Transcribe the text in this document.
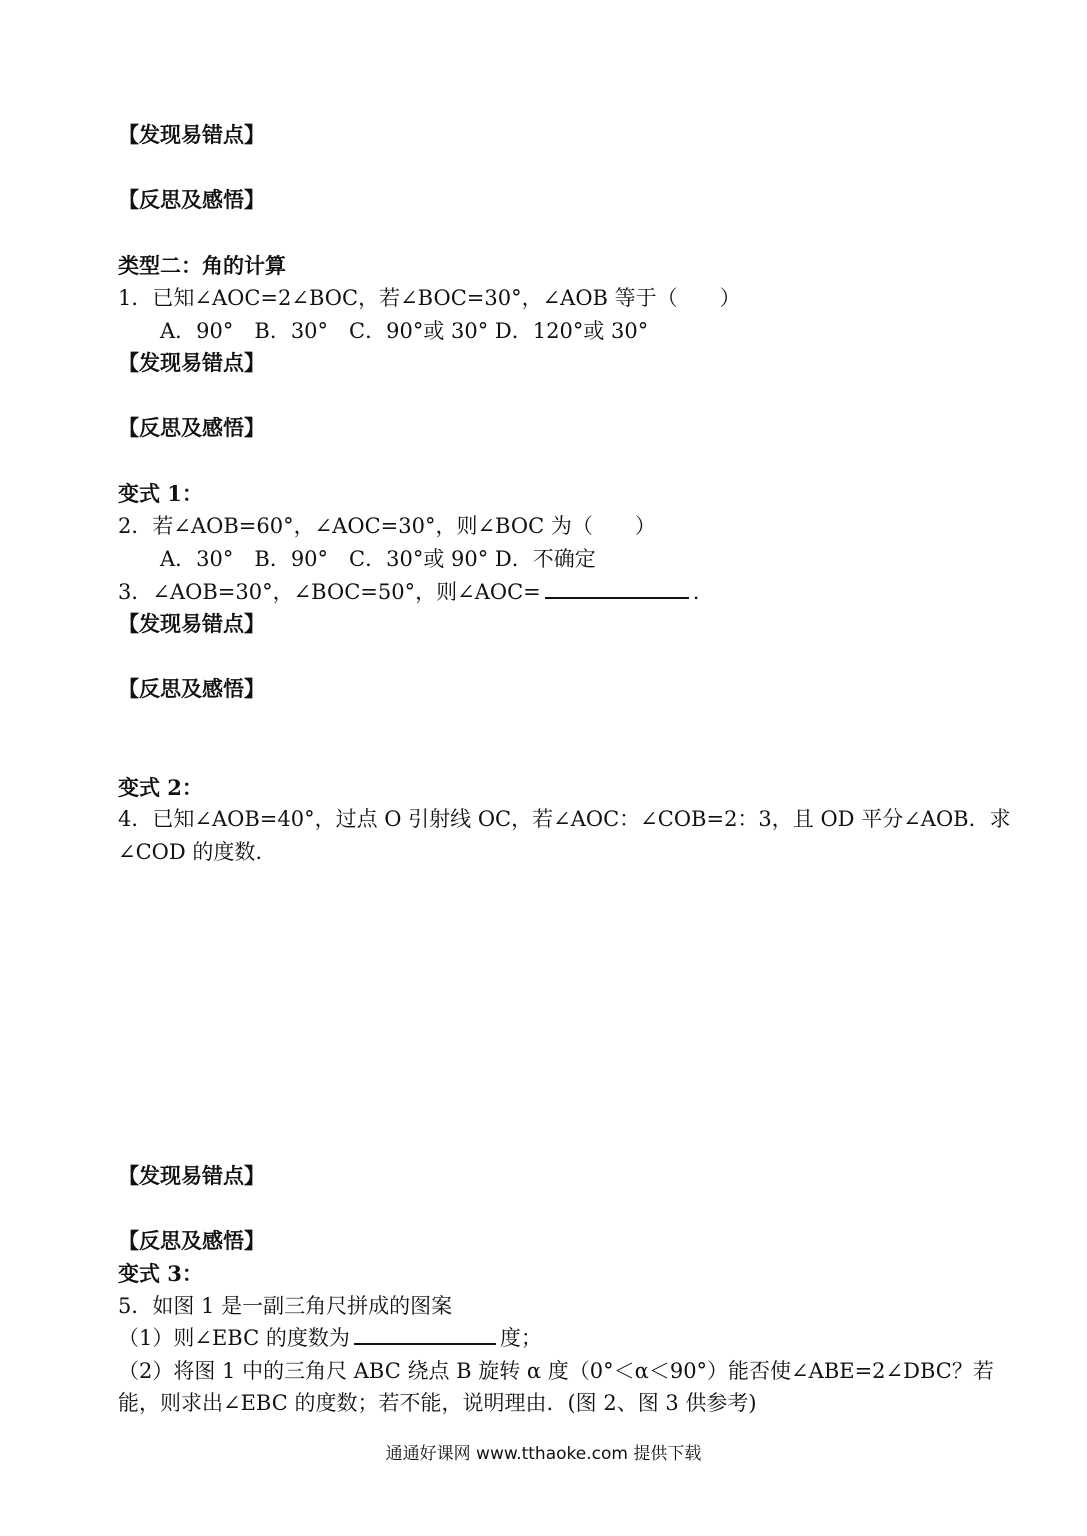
【发现易错点】
【反思及感悟】
类型二：角的计算
1．已知∠AOC=2∠BOC，若∠BOC=30°，∠AOB 等于（　　）
A．90°　B．30°　C．90°或 30° D．120°或 30°
【发现易错点】
【反思及感悟】
变式 1：
2．若∠AOB=60°，∠AOC=30°，则∠BOC 为（　　）
A．30°　B．90°　C．30°或 90° D．不确定
3．∠AOB=30°，∠BOC=50°，则∠AOC=	.
【发现易错点】
【反思及感悟】
变式 2：
4．已知∠AOB=40°，过点 O 引射线 OC，若∠AOC：∠COB=2：3，且 OD 平分∠AOB．求
∠COD 的度数.
【发现易错点】
【反思及感悟】
变式 3：
5．如图 1 是一副三角尺拼成的图案
（1）则∠EBC 的度数为	度；
（2）将图 1 中的三角尺 ABC 绕点 B 旋转 α 度（0°＜α＜90°）能否使∠ABE=2∠DBC？若
能，则求出∠EBC 的度数；若不能，说明理由．(图 2、图 3 供参考)
通通好课网 www.tthaoke.com 提供下载
